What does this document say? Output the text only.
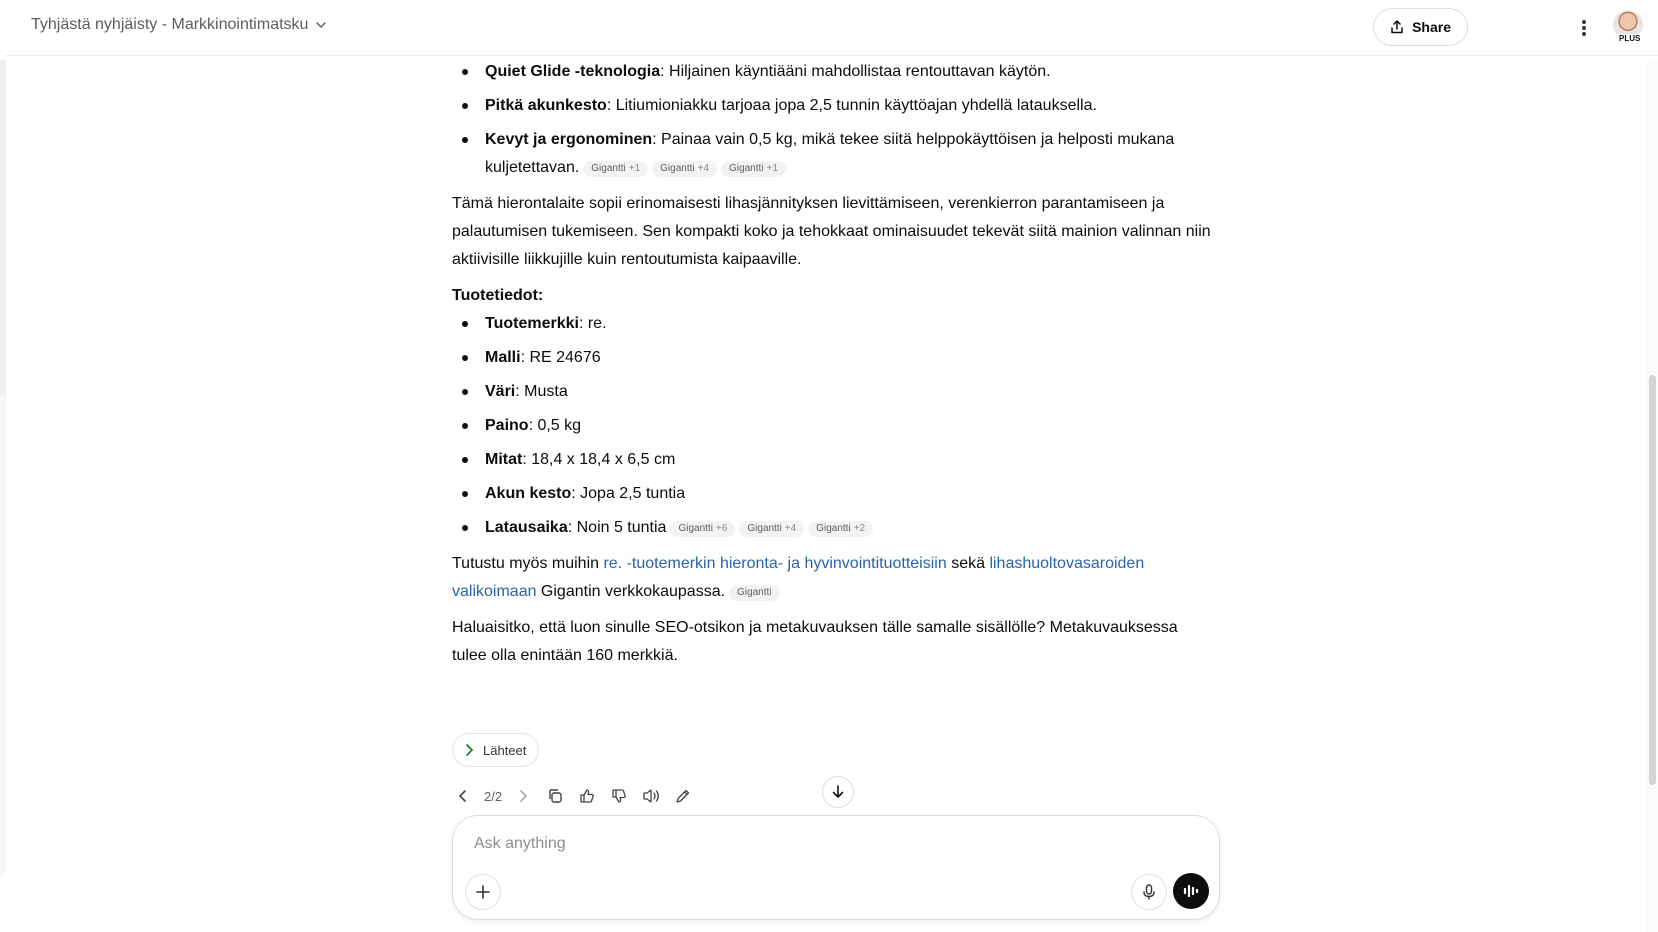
Tyhjästä nyhjäisty - Markkinointimatsku	Share
PLUS
Quiet Glide -teknologia: Hiljainen käyntiääni mahdollistaa rentouttavan käytön.
Pitkä akunkesto: Litiumioniakku tarjoaa jopa 2,5 tunnin käyttöajan yhdellä latauksella.
Kevyt ja ergonominen: Painaa vain 0,5 kg, mikä tekee siitä helppokäyttöisen ja helposti mukana kuljetettavan. Gigantti +1 Gigantti +4 Gigantti +1

Tämä hierontalaite sopii erinomaisesti lihasjännityksen lievittämiseen, verenkierron parantamiseen ja palautumisen tukemiseen. Sen kompakti koko ja tehokkaat ominaisuudet tekevät siitä mainion valinnan niin aktiivisille liikkujille kuin rentoutumista kaipaaville.

Tuotetiedot:

Tuotemerkki: re.
Malli: RE 24676
Väri: Musta
Paino: 0,5 kg
Mitat: 18,4 x 18,4 x 6,5 cm
Akun kesto: Jopa 2,5 tuntia
Latausaika: Noin 5 tuntia Gigantti +6 Gigantti +4 Gigantti +2

Tutustu myös muihin re. -tuotemerkin hieronta- ja hyvinvointituotteisiin sekä lihashuoltovasaroiden valikoimaan Gigantin verkkokaupassa. Gigantti

Haluaisitko, että luon sinulle SEO-otsikon ja metakuvauksen tälle samalle sisällölle? Metakuvauksessa tulee olla enintään 160 merkkiä.

Lähteet
2/2
Ask anything
